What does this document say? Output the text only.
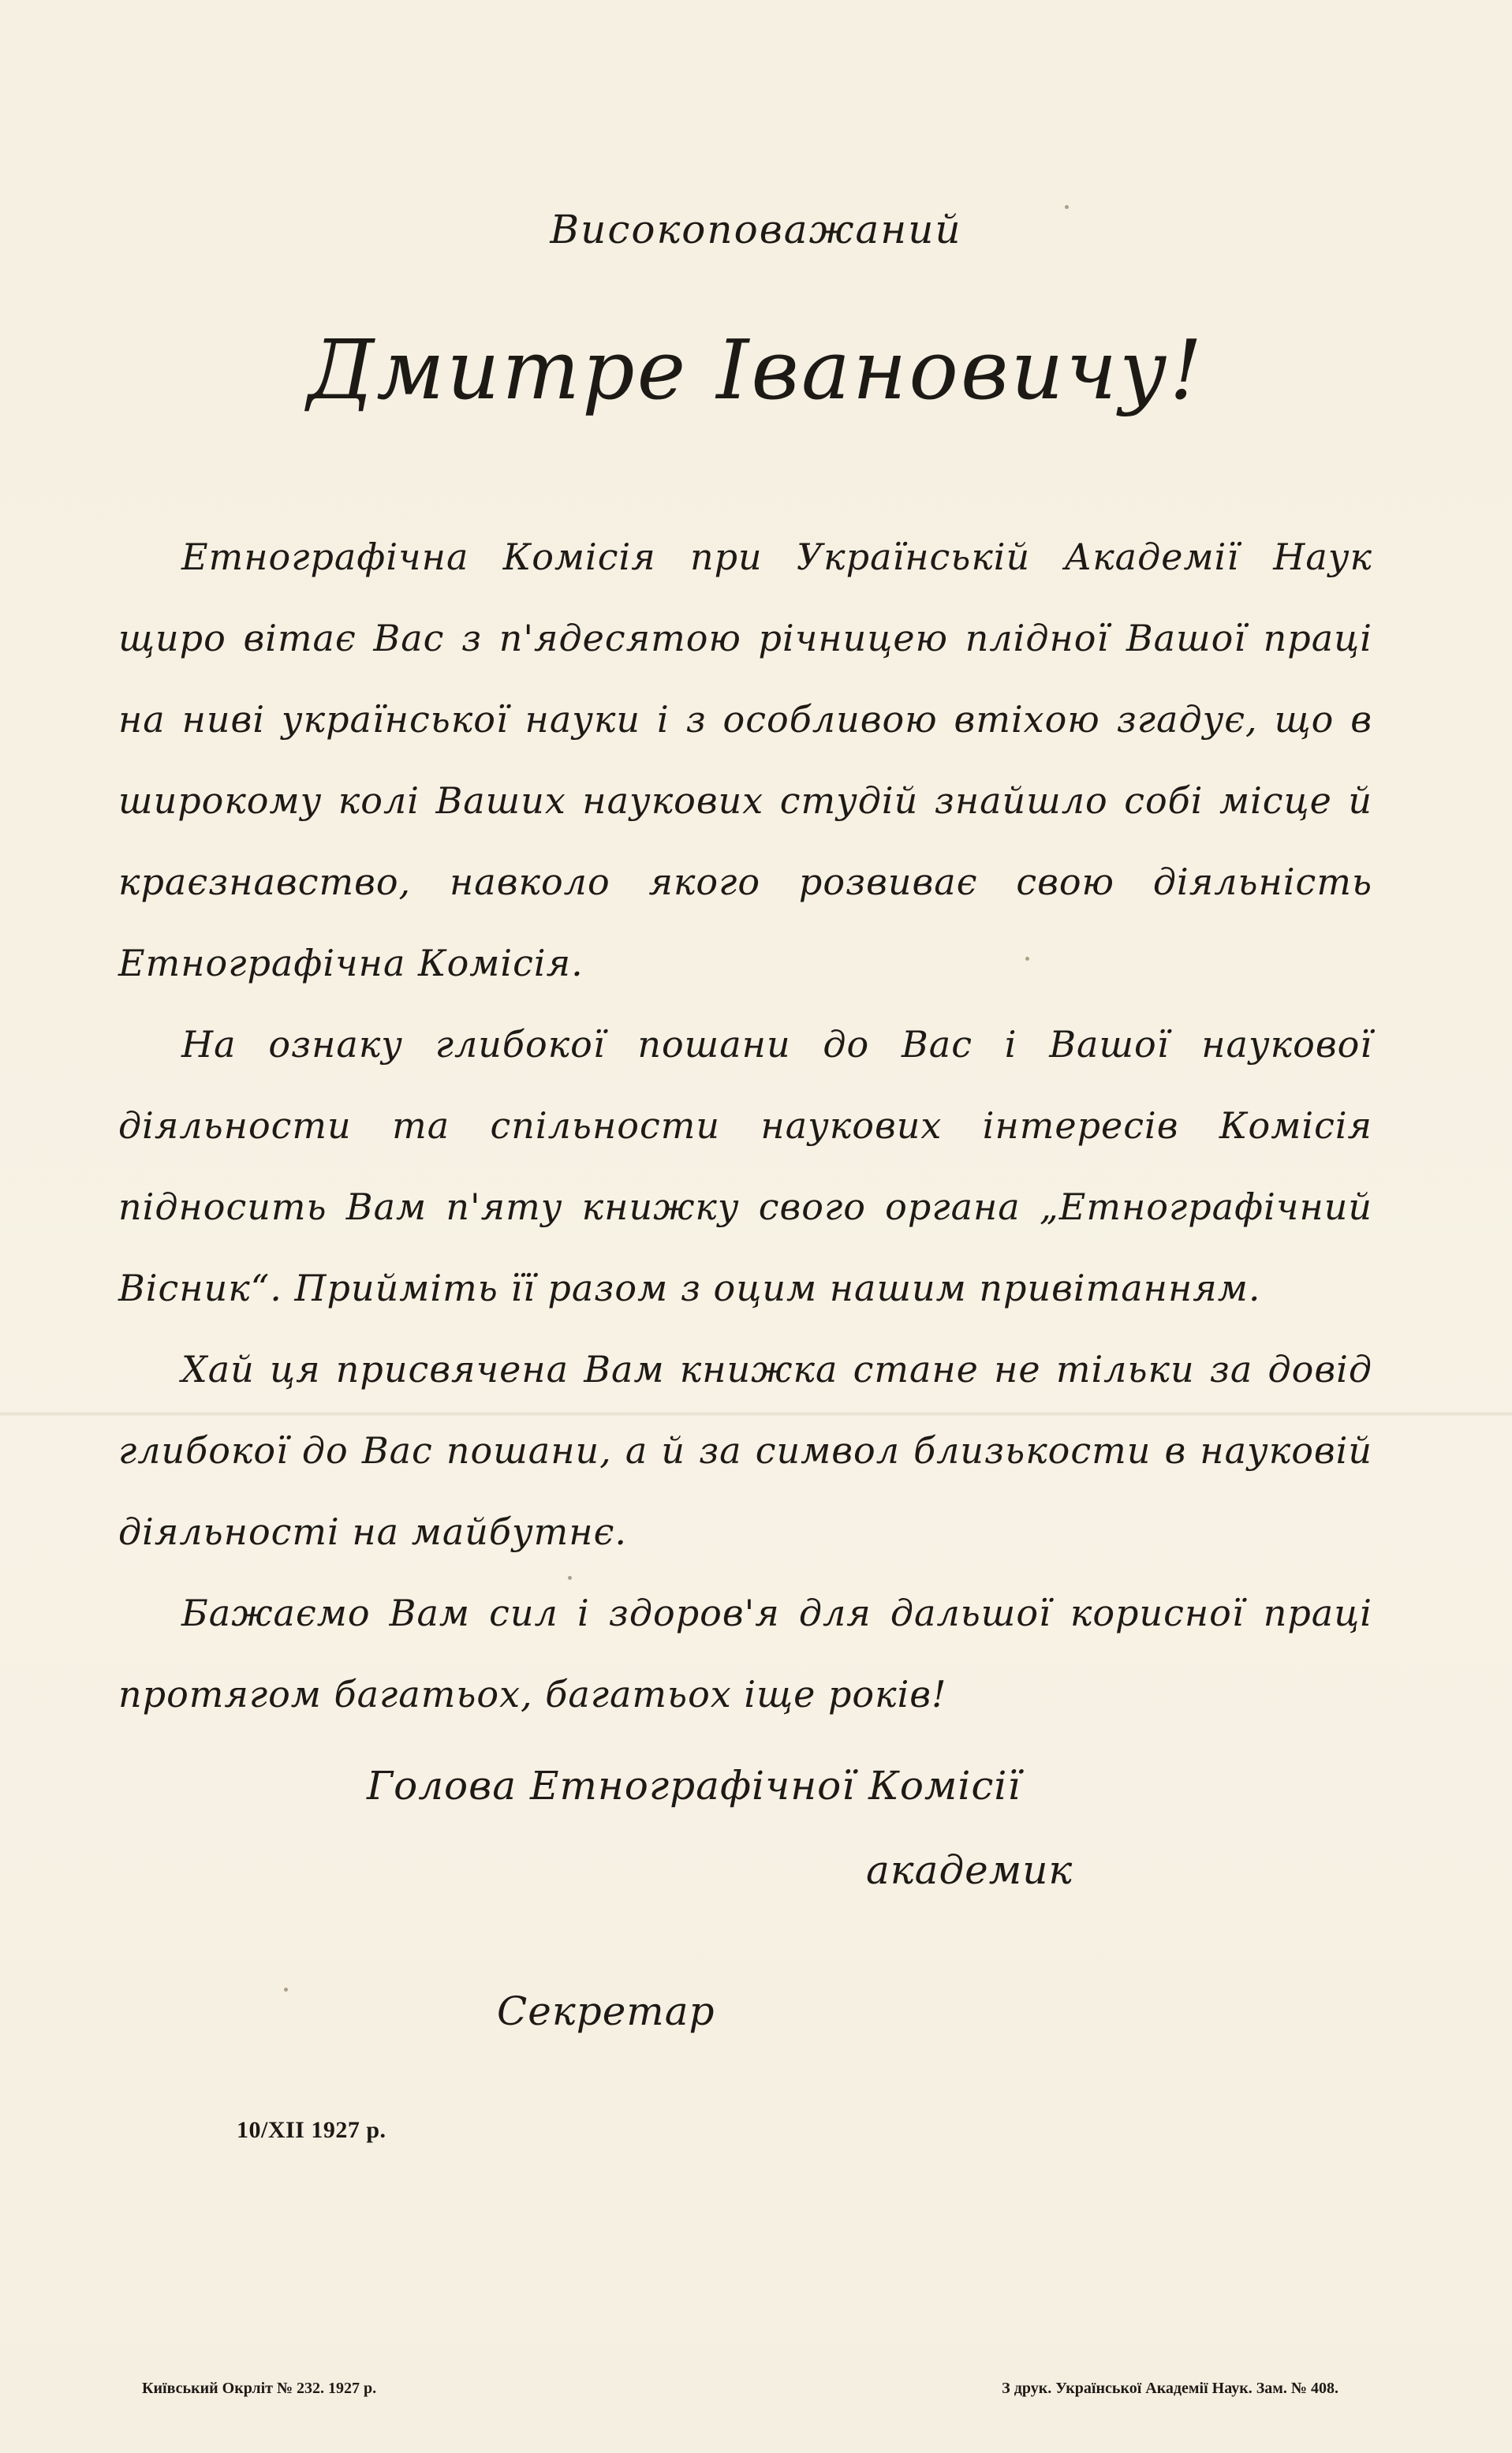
Високоповажаний
Дмитре Івановичу!

Етнографічна Комісія при Українській Академії Наук щиро вітає Вас з п'ядесятою річницею плідної Вашої праці на ниві української науки і з особливою втіхою згадує, що в широкому колі Ваших наукових студій знайшло собі місце й краєзнавство, навколо якого розвиває свою діяльність Етнографічна Комісія.

На ознаку глибокої пошани до Вас і Вашої наукової діяльности та спільности наукових інтересів Комісія підносить Вам п'яту книжку свого органа „Етнографічний Вісник“. Прийміть її разом з оцим нашим привітанням.

Хай ця присвячена Вам книжка стане не тільки за довід глибокої до Вас пошани, а й за символ близькости в науковій діяльності на майбутнє.

Бажаємо Вам сил і здоров'я для дальшої корисної праці протягом багатьох, багатьох іще років!

Голова Етнографічної Комісії
академик
Секретар
10/XII 1927 р.
Київський Окрліт № 232. 1927 р.	З друк. Української Академії Наук. Зам. № 408.
